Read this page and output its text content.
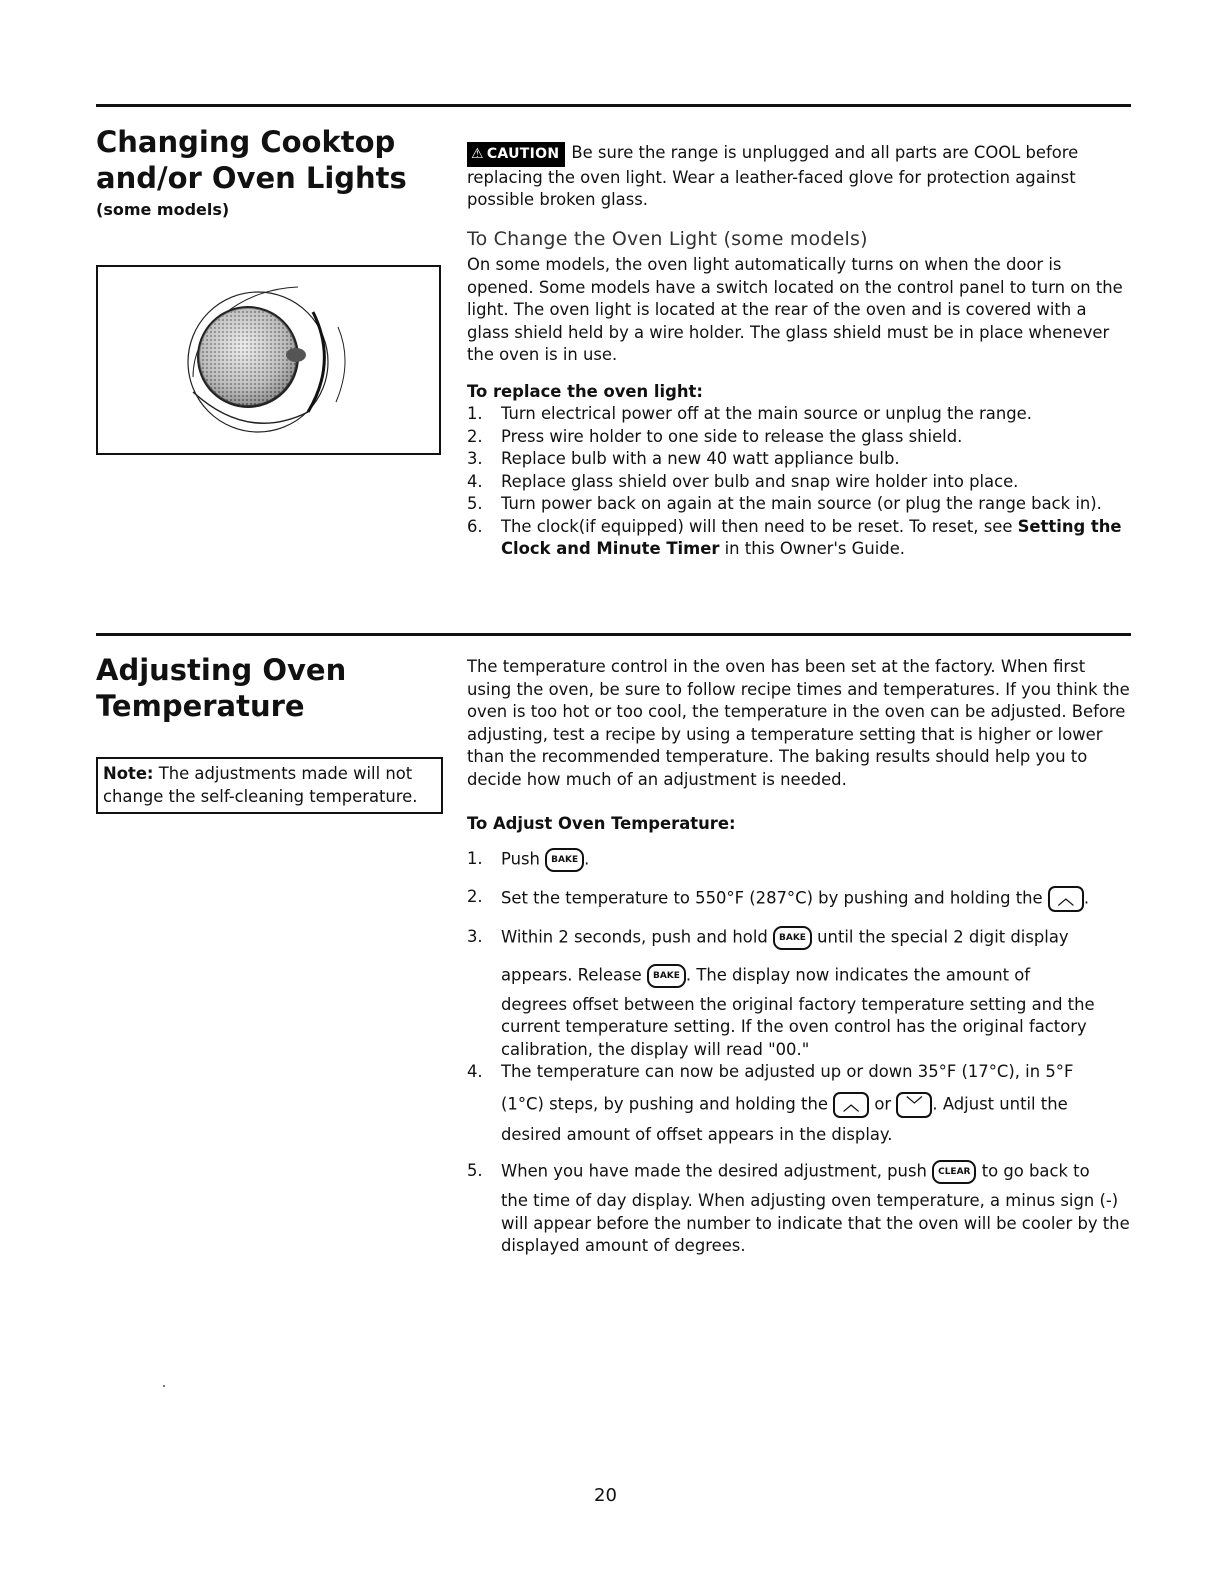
Changing Cooktop
and/or Oven Lights
(some models)
⚠ CAUTION Be sure the range is unplugged and all parts are COOL before replacing the oven light. Wear a leather-faced glove for protection against possible broken glass.
To Change the Oven Light (some models)
On some models, the oven light automatically turns on when the door is opened. Some models have a switch located on the control panel to turn on the light. The oven light is located at the rear of the oven and is covered with a glass shield held by a wire holder. The glass shield must be in place whenever the oven is in use.
To replace the oven light:
1. Turn electrical power off at the main source or unplug the range.
2. Press wire holder to one side to release the glass shield.
3. Replace bulb with a new 40 watt appliance bulb.
4. Replace glass shield over bulb and snap wire holder into place.
5. Turn power back on again at the main source (or plug the range back in).
6. The clock(if equipped) will then need to be reset. To reset, see Setting the Clock and Minute Timer in this Owner's Guide.
Adjusting Oven
Temperature
Note: The adjustments made will not change the self-cleaning temperature.
The temperature control in the oven has been set at the factory. When first using the oven, be sure to follow recipe times and temperatures. If you think the oven is too hot or too cool, the temperature in the oven can be adjusted. Before adjusting, test a recipe by using a temperature setting that is higher or lower than the recommended temperature. The baking results should help you to decide how much of an adjustment is needed.
To Adjust Oven Temperature:
1. Push BAKE .
2. Set the temperature to 550°F (287°C) by pushing and holding the ︿ .
3. Within 2 seconds, push and hold BAKE until the special 2 digit display
appears. Release BAKE . The display now indicates the amount of
degrees offset between the original factory temperature setting and the current temperature setting. If the oven control has the original factory calibration, the display will read "00."
4. The temperature can now be adjusted up or down 35°F (17°C), in 5°F
(1°C) steps, by pushing and holding the ︿ or ﹀ . Adjust until the
desired amount of offset appears in the display.
5. When you have made the desired adjustment, push CLEAR to go back to
the time of day display. When adjusting oven temperature, a minus sign (-) will appear before the number to indicate that the oven will be cooler by the displayed amount of degrees.
20
